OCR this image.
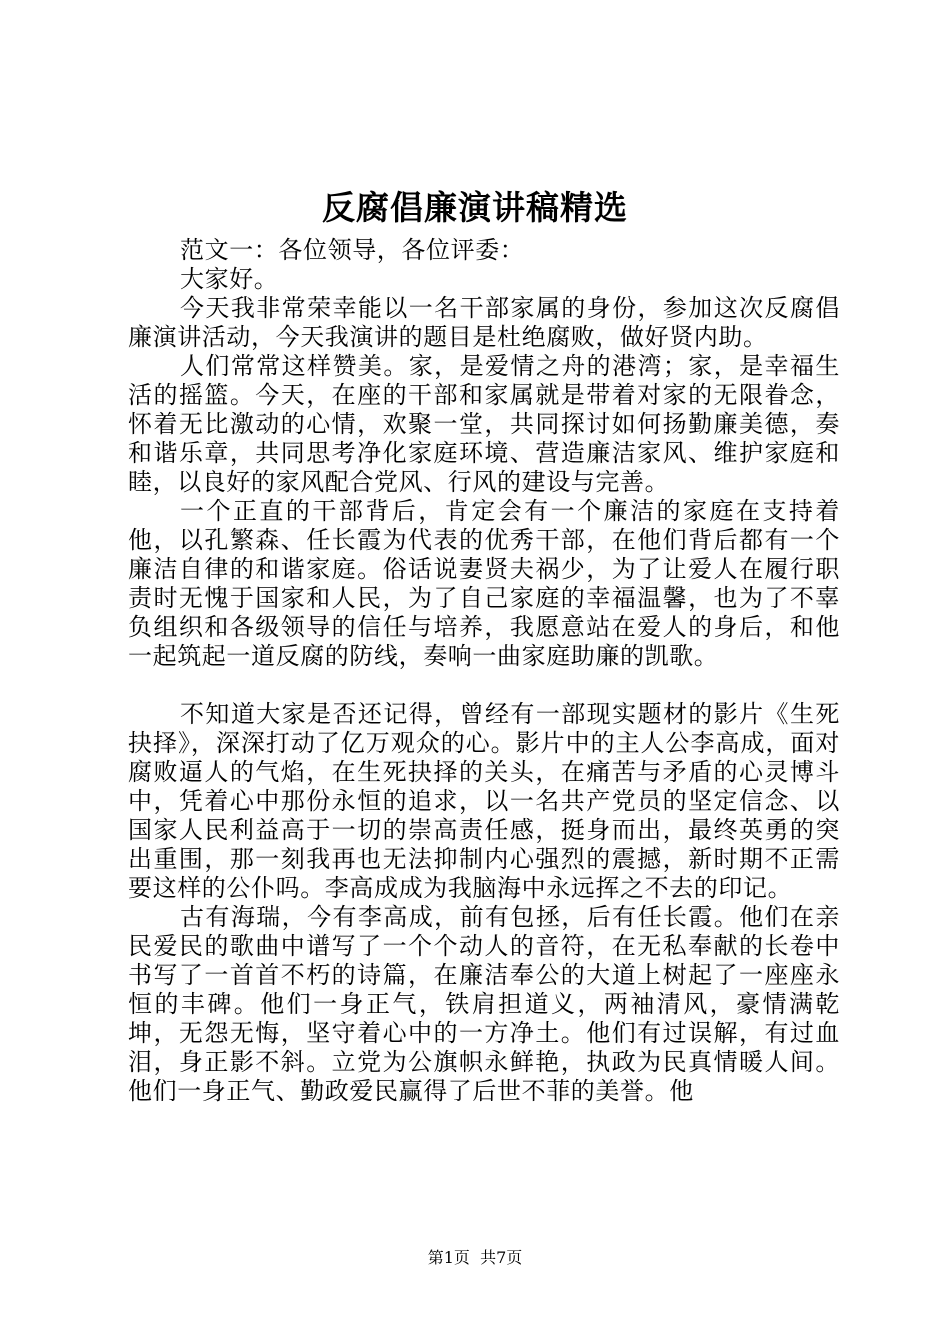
反腐倡廉演讲稿精选

范文一：各位领导，各位评委：

大家好。

今天我非常荣幸能以一名干部家属的身份，参加这次反腐倡廉演讲活动，今天我演讲的题目是杜绝腐败，做好贤内助。

人们常常这样赞美。家，是爱情之舟的港湾；家，是幸福生活的摇篮。今天，在座的干部和家属就是带着对家的无限眷念，怀着无比激动的心情，欢聚一堂，共同探讨如何扬勤廉美德，奏和谐乐章，共同思考净化家庭环境、营造廉洁家风、维护家庭和睦，以良好的家风配合党风、行风的建设与完善。

一个正直的干部背后，肯定会有一个廉洁的家庭在支持着他，以孔繁森、任长霞为代表的优秀干部，在他们背后都有一个廉洁自律的和谐家庭。俗话说妻贤夫祸少，为了让爱人在履行职责时无愧于国家和人民，为了自己家庭的幸福温馨，也为了不辜负组织和各级领导的信任与培养，我愿意站在爱人的身后，和他一起筑起一道反腐的防线，奏响一曲家庭助廉的凯歌。

不知道大家是否还记得，曾经有一部现实题材的影片《生死抉择》，深深打动了亿万观众的心。影片中的主人公李高成，面对腐败逼人的气焰，在生死抉择的关头，在痛苦与矛盾的心灵博斗中，凭着心中那份永恒的追求，以一名共产党员的坚定信念、以国家人民利益高于一切的崇高责任感，挺身而出，最终英勇的突出重围，那一刻我再也无法抑制内心强烈的震撼，新时期不正需要这样的公仆吗。李高成成为我脑海中永远挥之不去的印记。

古有海瑞，今有李高成，前有包拯，后有任长霞。他们在亲民爱民的歌曲中谱写了一个个动人的音符，在无私奉献的长卷中书写了一首首不朽的诗篇，在廉洁奉公的大道上树起了一座座永恒的丰碑。他们一身正气，铁肩担道义，两袖清风，豪情满乾坤，无怨无悔，坚守着心中的一方净土。他们有过误解，有过血泪，身正影不斜。立党为公旗帜永鲜艳，执政为民真情暖人间。他们一身正气、勤政爱民赢得了后世不菲的美誉。他

第1页  共7页
